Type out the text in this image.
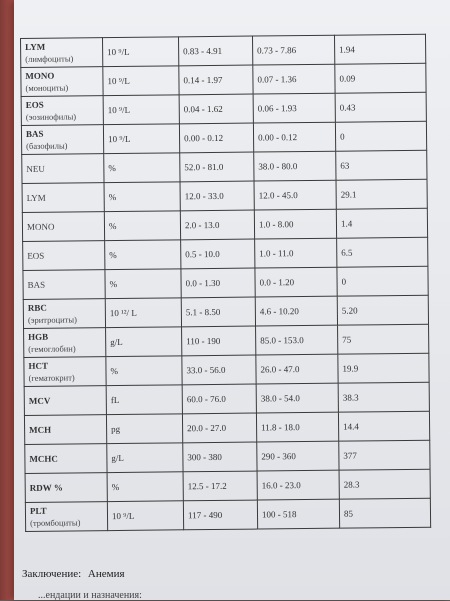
LYM
(лимфоциты)	10 ⁹/L	0.83 - 4.91	0.73 - 7.86	1.94

MONO
(моноциты)	10 ⁹/L	0.14 - 1.97	0.07 - 1.36	0.09

EOS
(эозинофилы)	10 ⁹/L	0.04 - 1.62	0.06 - 1.93	0.43

BAS
(базофилы)	10 ⁹/L	0.00 - 0.12	0.00 - 0.12	0

NEU	%	52.0 - 81.0	38.0 - 80.0	63

LYM	%	12.0 - 33.0	12.0 - 45.0	29.1

MONO	%	2.0 - 13.0	1.0 - 8.00	1.4

EOS	%	0.5 - 10.0	1.0 - 11.0	6.5

BAS	%	0.0 - 1.30	0.0 - 1.20	0

RBC
(эритроциты)	10 ¹²/ L	5.1 - 8.50	4.6 - 10.20	5.20

HGB
(гемоглобин)	g/L	110 - 190	85.0 - 153.0	75

HCT
(гематокрит)	%	33.0 - 56.0	26.0 - 47.0	19.9

MCV	fL	60.0 - 76.0	38.0 - 54.0	38.3

MCH	pg	20.0 - 27.0	11.8 - 18.0	14.4

MCHC	g/L	300 - 380	290 - 360	377

RDW %	%	12.5 - 17.2	16.0 - 23.0	28.3

PLT
(тромбоциты)	10 ⁹/L	117 - 490	100 - 518	85
Заключение: Анемия
...ендации и назначения:
